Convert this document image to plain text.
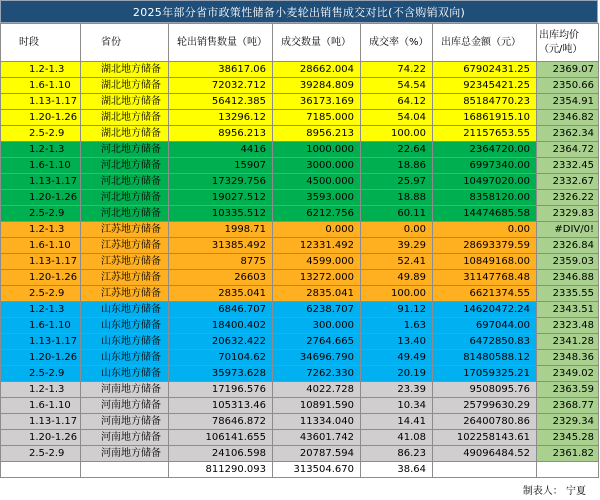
2025年部分省市政策性储备小麦轮出销售成交对比(不含购销双向)
时段	省份	轮出销售数量（吨）	成交数量（吨）	成交率（%）	出库总金额（元）	出库均价（元/吨）
1.2-1.3	湖北地方储备	38617.06	28662.004	74.22	67902431.25	2369.07
1.6-1.10	湖北地方储备	72032.712	39284.809	54.54	92345421.25	2350.66
1.13-1.17	湖北地方储备	56412.385	36173.169	64.12	85184770.23	2354.91
1.20-1.26	湖北地方储备	13296.12	7185.000	54.04	16861915.10	2346.82
2.5-2.9	湖北地方储备	8956.213	8956.213	100.00	21157653.55	2362.34
1.2-1.3	河北地方储备	4416	1000.000	22.64	2364720.00	2364.72
1.6-1.10	河北地方储备	15907	3000.000	18.86	6997340.00	2332.45
1.13-1.17	河北地方储备	17329.756	4500.000	25.97	10497020.00	2332.67
1.20-1.26	河北地方储备	19027.512	3593.000	18.88	8358120.00	2326.22
2.5-2.9	河北地方储备	10335.512	6212.756	60.11	14474685.58	2329.83
1.2-1.3	江苏地方储备	1998.71	0.000	0.00	0.00	#DIV/0!
1.6-1.10	江苏地方储备	31385.492	12331.492	39.29	28693379.59	2326.84
1.13-1.17	江苏地方储备	8775	4599.000	52.41	10849168.00	2359.03
1.20-1.26	江苏地方储备	26603	13272.000	49.89	31147768.48	2346.88
2.5-2.9	江苏地方储备	2835.041	2835.041	100.00	6621374.55	2335.55
1.2-1.3	山东地方储备	6846.707	6238.707	91.12	14620472.24	2343.51
1.6-1.10	山东地方储备	18400.402	300.000	1.63	697044.00	2323.48
1.13-1.17	山东地方储备	20632.422	2764.665	13.40	6472850.83	2341.28
1.20-1.26	山东地方储备	70104.62	34696.790	49.49	81480588.12	2348.36
2.5-2.9	山东地方储备	35973.628	7262.330	20.19	17059325.21	2349.02
1.2-1.3	河南地方储备	17196.576	4022.728	23.39	9508095.76	2363.59
1.6-1.10	河南地方储备	105313.46	10891.590	10.34	25799630.29	2368.77
1.13-1.17	河南地方储备	78646.872	11334.040	14.41	26400780.86	2329.34
1.20-1.26	河南地方储备	106141.655	43601.742	41.08	102258143.61	2345.28
2.5-2.9	河南地方储备	24106.598	20787.594	86.23	49096484.52	2361.82
		811290.093	313504.670	38.64		
制表人： 宁夏
